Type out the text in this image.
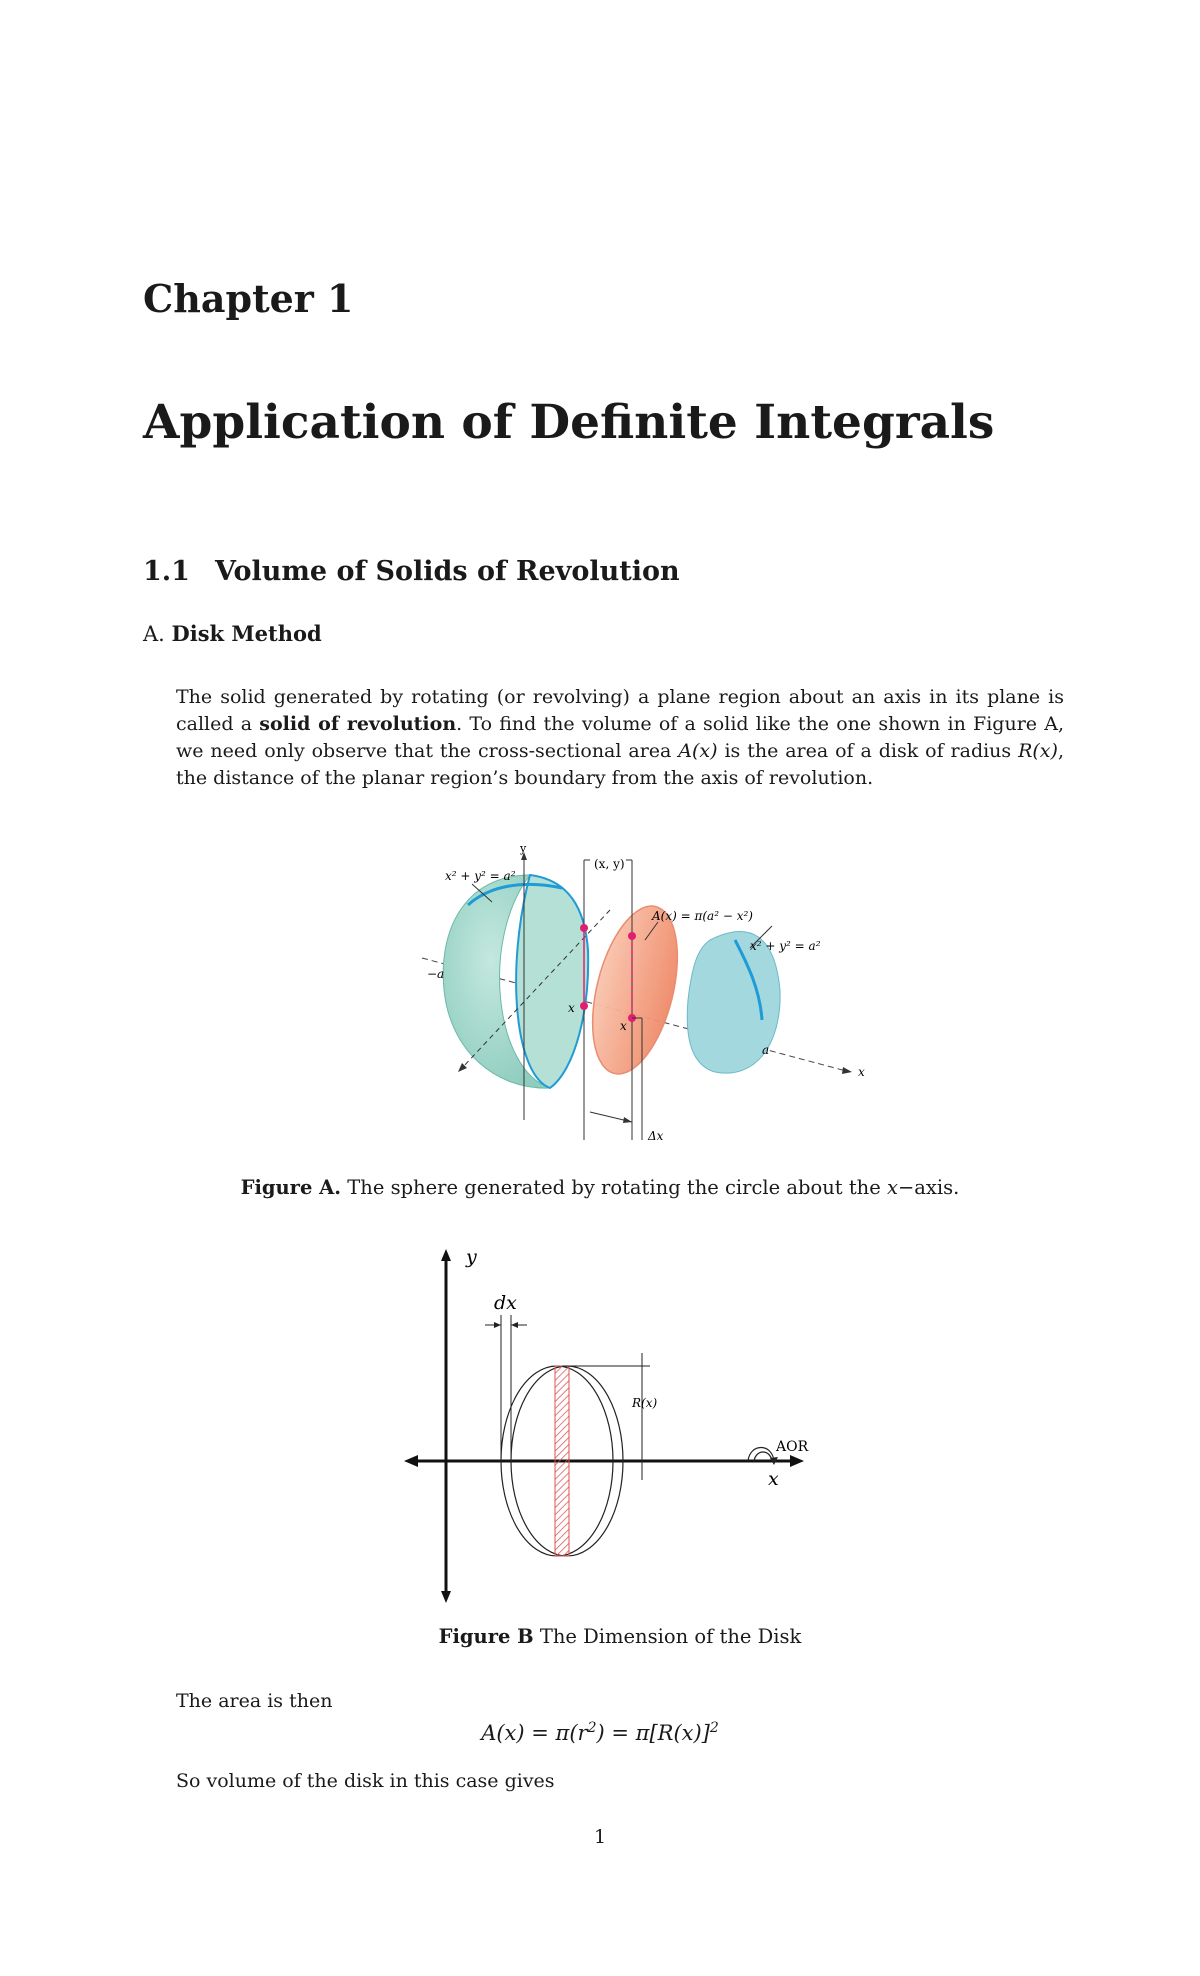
Chapter 1
Application of Definite Integrals
1.1 Volume of Solids of Revolution
A. Disk Method
The solid generated by rotating (or revolving) a plane region about an axis in its plane is called a solid of revolution. To find the volume of a solid like the one shown in Figure A, we need only observe that the cross-sectional area A(x) is the area of a disk of radius R(x), the distance of the planar region’s boundary from the axis of revolution.
x² + y² = a²
y
(x, y)
A(x) = π(a² − x²)
x² + y² = a²
−a
x
x
a
x
Δx
Figure A. The sphere generated by rotating the circle about the x−axis.
y
dx
R(x)
AOR
x
Figure B The Dimension of the Disk
The area is then
$A(x) = \pi(r^2) = \pi[R(x)]^2$
So volume of the disk in this case gives
1
